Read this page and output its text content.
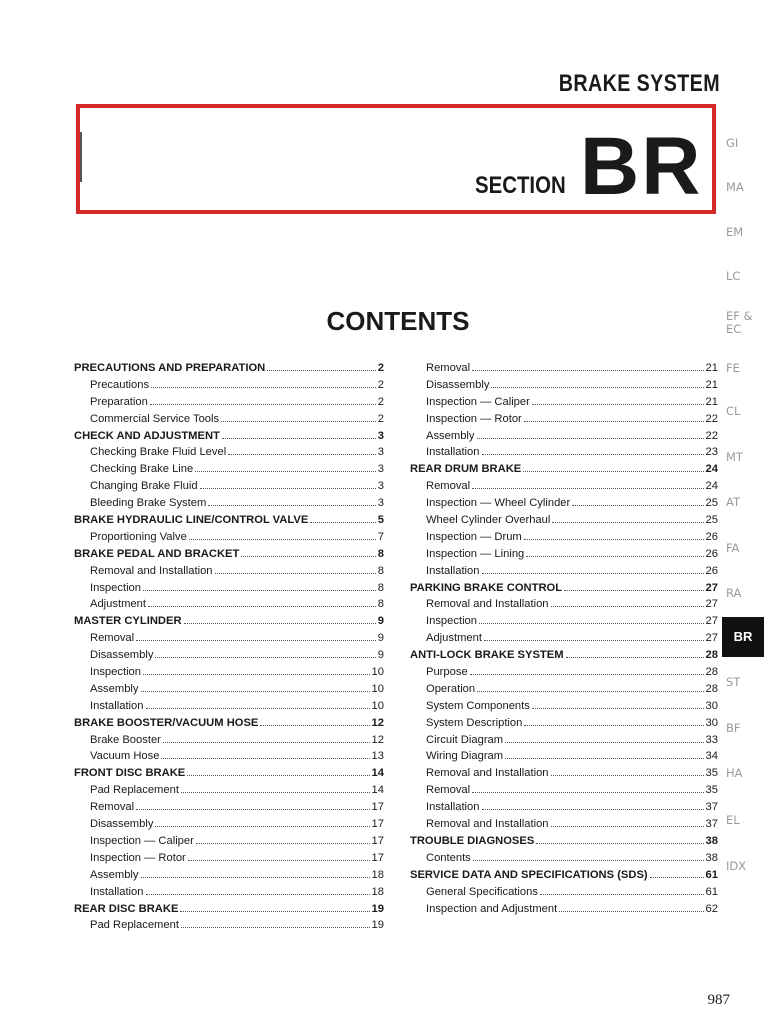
BRAKE SYSTEM
SECTION BR
CONTENTS
PRECAUTIONS AND PREPARATION	2
Precautions	2
Preparation	2
Commercial Service Tools	2
CHECK AND ADJUSTMENT	3
Checking Brake Fluid Level	3
Checking Brake Line	3
Changing Brake Fluid	3
Bleeding Brake System	3
BRAKE HYDRAULIC LINE/CONTROL VALVE	5
Proportioning Valve	7
BRAKE PEDAL AND BRACKET	8
Removal and Installation	8
Inspection	8
Adjustment	8
MASTER CYLINDER	9
Removal	9
Disassembly	9
Inspection	10
Assembly	10
Installation	10
BRAKE BOOSTER/VACUUM HOSE	12
Brake Booster	12
Vacuum Hose	13
FRONT DISC BRAKE	14
Pad Replacement	14
Removal	17
Disassembly	17
Inspection — Caliper	17
Inspection — Rotor	17
Assembly	18
Installation	18
REAR DISC BRAKE	19
Pad Replacement	19
Removal	21
Disassembly	21
Inspection — Caliper	21
Inspection — Rotor	22
Assembly	22
Installation	23
REAR DRUM BRAKE	24
Removal	24
Inspection — Wheel Cylinder	25
Wheel Cylinder Overhaul	25
Inspection — Drum	26
Inspection — Lining	26
Installation	26
PARKING BRAKE CONTROL	27
Removal and Installation	27
Inspection	27
Adjustment	27
ANTI-LOCK BRAKE SYSTEM	28
Purpose	28
Operation	28
System Components	30
System Description	30
Circuit Diagram	33
Wiring Diagram	34
Removal and Installation	35
Removal	35
Installation	37
Removal and Installation	37
TROUBLE DIAGNOSES	38
Contents	38
SERVICE DATA AND SPECIFICATIONS (SDS)	61
General Specifications	61
Inspection and Adjustment	62
GI
MA
EM
LC
EF &
EC
FE
CL
MT
AT
FA
RA
BR
ST
BF
HA
EL
IDX
987
